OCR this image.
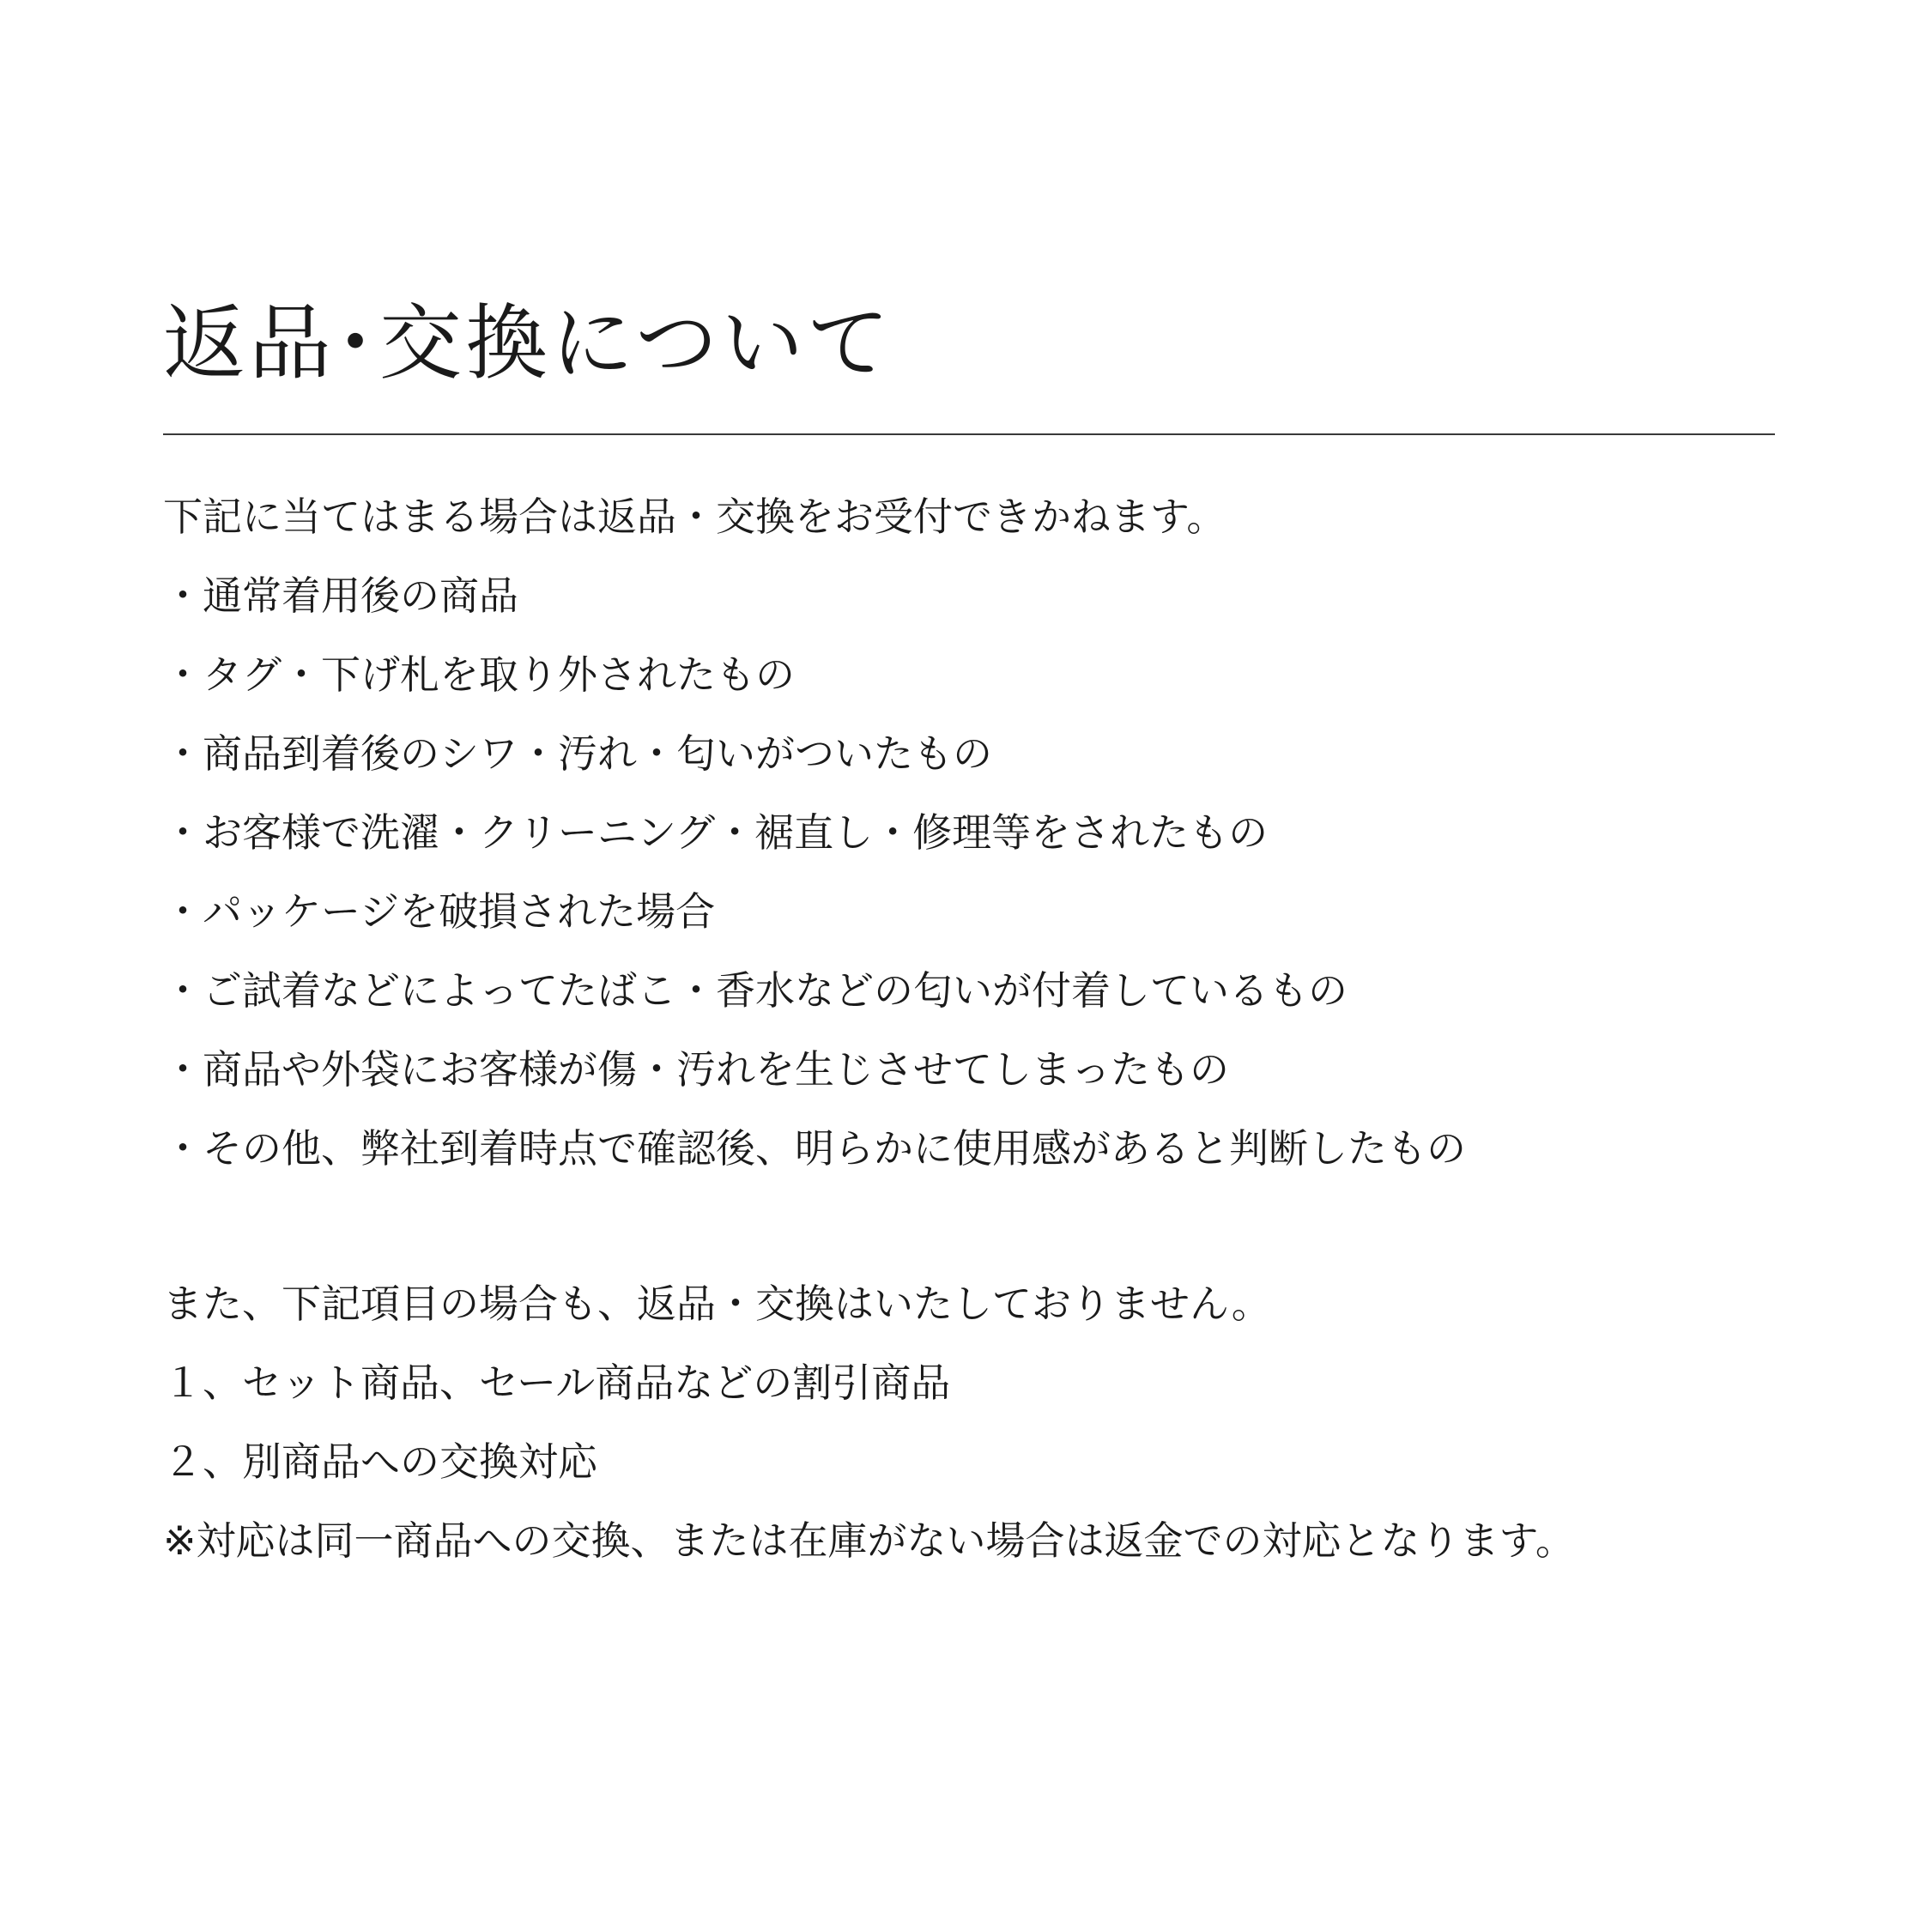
返品･交換について
下記に当てはまる場合は返品・交換をお受付できかねます。
・通常着用後の商品
・タグ・下げ札を取り外されたもの
・商品到着後のシワ・汚れ・匂いがついたもの
・お客様で洗濯・クリーニング・裾直し・修理等をされたもの
・パッケージを破損された場合
・ご試着などによってたばこ・香水などの匂いが付着しているもの
・商品や外袋にお客様が傷・汚れを生じさせてしまったもの
・その他、弊社到着時点で確認後、明らかに使用感があると判断したもの
また、下記項目の場合も、返品・交換はいたしておりません。
１、セット商品、セール商品などの割引商品
２、別商品への交換対応
※対応は同一商品への交換、または在庫がない場合は返金での対応となります。
